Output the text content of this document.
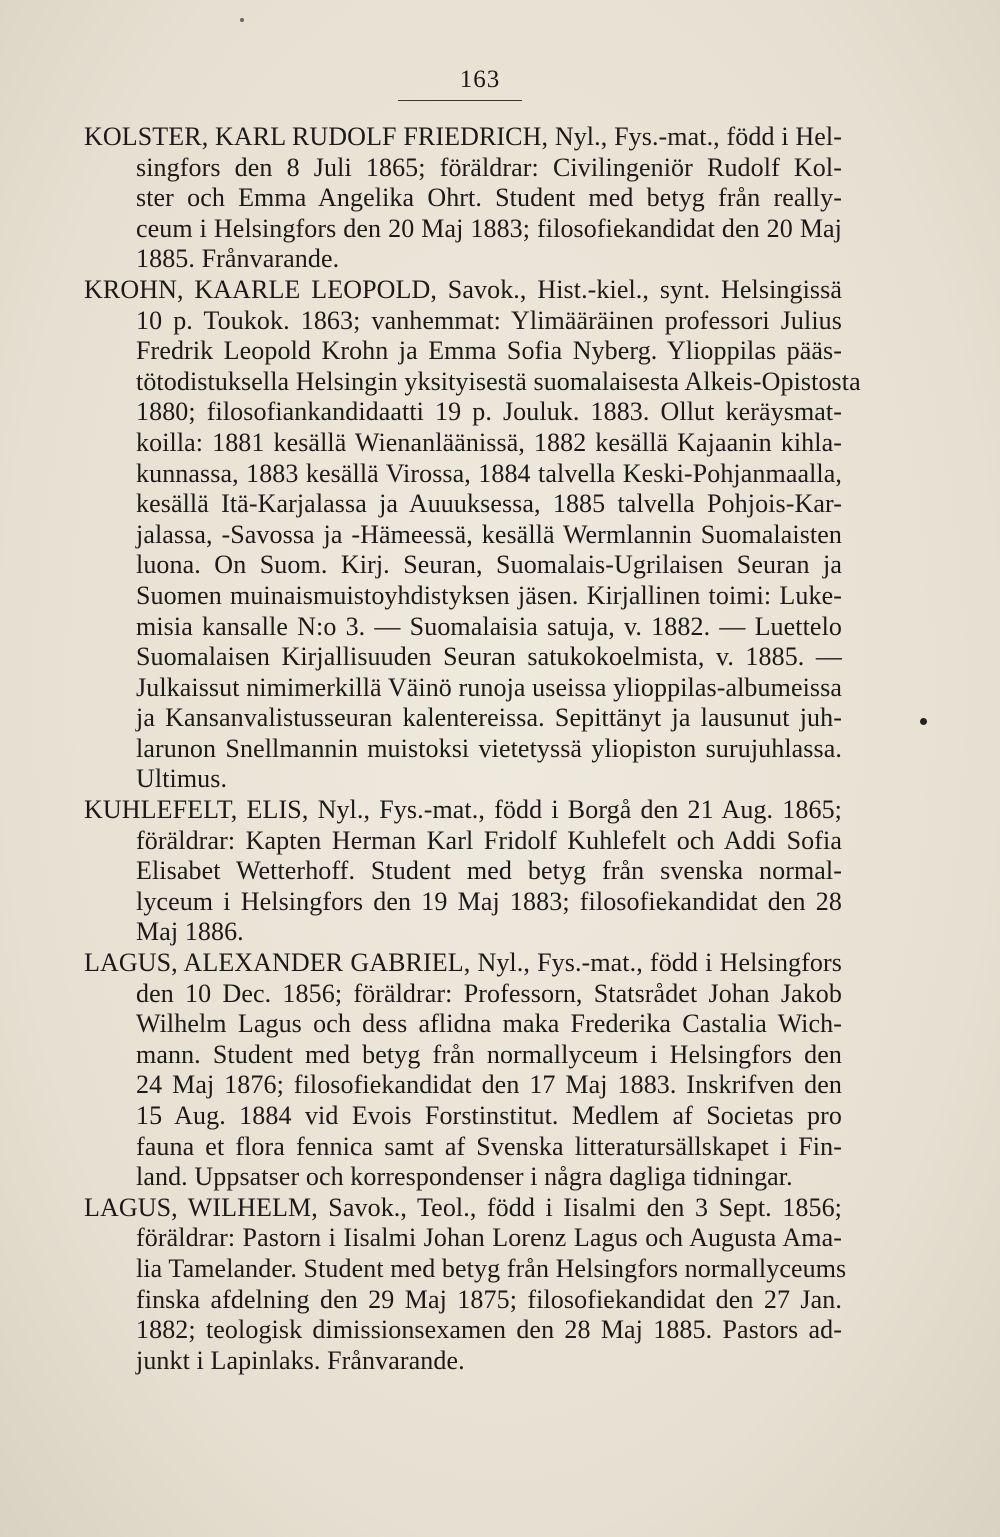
163
KOLSTER, KARL RUDOLF FRIEDRICH, Nyl., Fys.-mat., född i Hel-
singfors den 8 Juli 1865; föräldrar: Civilingeniör Rudolf Kol-
ster och Emma Angelika Ohrt. Student med betyg från really-
ceum i Helsingfors den 20 Maj 1883; filosofiekandidat den 20 Maj
1885. Frånvarande.
KROHN, KAARLE LEOPOLD, Savok., Hist.-kiel., synt. Helsingissä
10 p. Toukok. 1863; vanhemmat: Ylimääräinen professori Julius
Fredrik Leopold Krohn ja Emma Sofia Nyberg. Ylioppilas pääs-
tötodistuksella Helsingin yksityisestä suomalaisesta Alkeis-Opistosta
1880; filosofiankandidaatti 19 p. Jouluk. 1883. Ollut keräysmat-
koilla: 1881 kesällä Wienanläänissä, 1882 kesällä Kajaanin kihla-
kunnassa, 1883 kesällä Virossa, 1884 talvella Keski-Pohjanmaalla,
kesällä Itä-Karjalassa ja Auuuksessa, 1885 talvella Pohjois-Kar-
jalassa, -Savossa ja -Hämeessä, kesällä Wermlannin Suomalaisten
luona. On Suom. Kirj. Seuran, Suomalais-Ugrilaisen Seuran ja
Suomen muinaismuistoyhdistyksen jäsen. Kirjallinen toimi: Luke-
misia kansalle N:o 3. — Suomalaisia satuja, v. 1882. — Luettelo
Suomalaisen Kirjallisuuden Seuran satukokoelmista, v. 1885. —
Julkaissut nimimerkillä Väinö runoja useissa ylioppilas-albumeissa
ja Kansanvalistusseuran kalentereissa. Sepittänyt ja lausunut juh-
larunon Snellmannin muistoksi vietetyssä yliopiston surujuhlassa.
Ultimus.
KUHLEFELT, ELIS, Nyl., Fys.-mat., född i Borgå den 21 Aug. 1865;
föräldrar: Kapten Herman Karl Fridolf Kuhlefelt och Addi Sofia
Elisabet Wetterhoff. Student med betyg från svenska normal-
lyceum i Helsingfors den 19 Maj 1883; filosofiekandidat den 28
Maj 1886.
LAGUS, ALEXANDER GABRIEL, Nyl., Fys.-mat., född i Helsingfors
den 10 Dec. 1856; föräldrar: Professorn, Statsrådet Johan Jakob
Wilhelm Lagus och dess aflidna maka Frederika Castalia Wich-
mann. Student med betyg från normallyceum i Helsingfors den
24 Maj 1876; filosofiekandidat den 17 Maj 1883. Inskrifven den
15 Aug. 1884 vid Evois Forstinstitut. Medlem af Societas pro
fauna et flora fennica samt af Svenska litteratursällskapet i Fin-
land. Uppsatser och korrespondenser i några dagliga tidningar.
LAGUS, WILHELM, Savok., Teol., född i Iisalmi den 3 Sept. 1856;
föräldrar: Pastorn i Iisalmi Johan Lorenz Lagus och Augusta Ama-
lia Tamelander. Student med betyg från Helsingfors normallyceums
finska afdelning den 29 Maj 1875; filosofiekandidat den 27 Jan.
1882; teologisk dimissionsexamen den 28 Maj 1885. Pastors ad-
junkt i Lapinlaks. Frånvarande.
